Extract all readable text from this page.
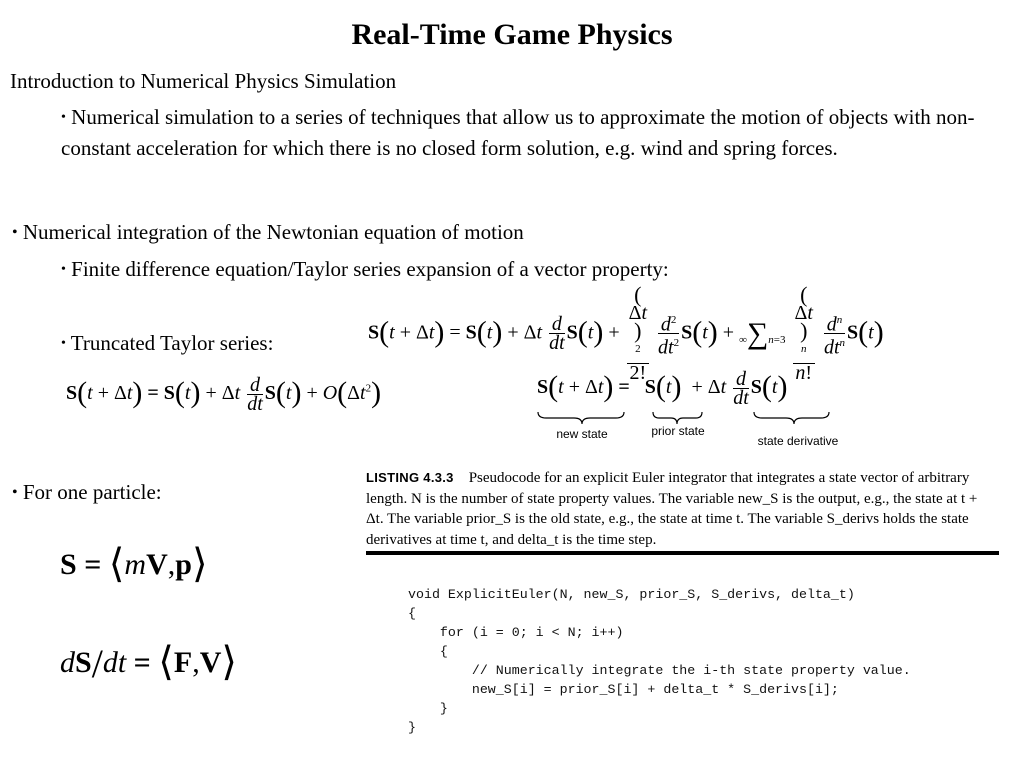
Real-Time Game Physics
Introduction to Numerical Physics Simulation
• Numerical simulation to a series of techniques that allow us to approximate the motion of objects with non-constant acceleration for which there is no closed form solution, e.g. wind and spring forces.
• Numerical integration of the Newtonian equation of motion
• Finite difference equation/Taylor series expansion of a vector property:
S(t + Δt) = S(t) + Δt $\frac{d}{dt} S(t)$ + (
Δt
)
$^2$
2!
$\frac{d^2}{dt^2} S(t) + \infty\sum n=3$ (
Δt
)
$^n$
n!
$\frac{d^n}{dt^n} S(t)$
• Truncated Taylor series:
S(t + Δt) = S(t) + Δt $\frac{d}{dt} S(t) + O(\Delta t^2)$	S(t + Δt) = S(t)  + Δt $\frac{d}{dt} S(t)$
new state	prior state
state derivative
• For one particle:
S = ⟨mV,p⟩
dS/dt = ⟨F,V⟩
LISTING 4.3.3 Pseudocode for an explicit Euler integrator that integrates a state vector of arbitrary length. N is the number of state property values. The variable new_S is the output, e.g., the state at t + Δt. The variable prior_S is the old state, e.g., the state at time t. The variable S_derivs holds the state derivatives at time t, and delta_t is the time step.
void ExplicitEuler(N, new_S, prior_S, S_derivs, delta_t)
{
for (i = 0; i < N; i++)
{
// Numerically integrate the i-th state property value.
new_S[i] = prior_S[i] + delta_t * S_derivs[i];
}
}
